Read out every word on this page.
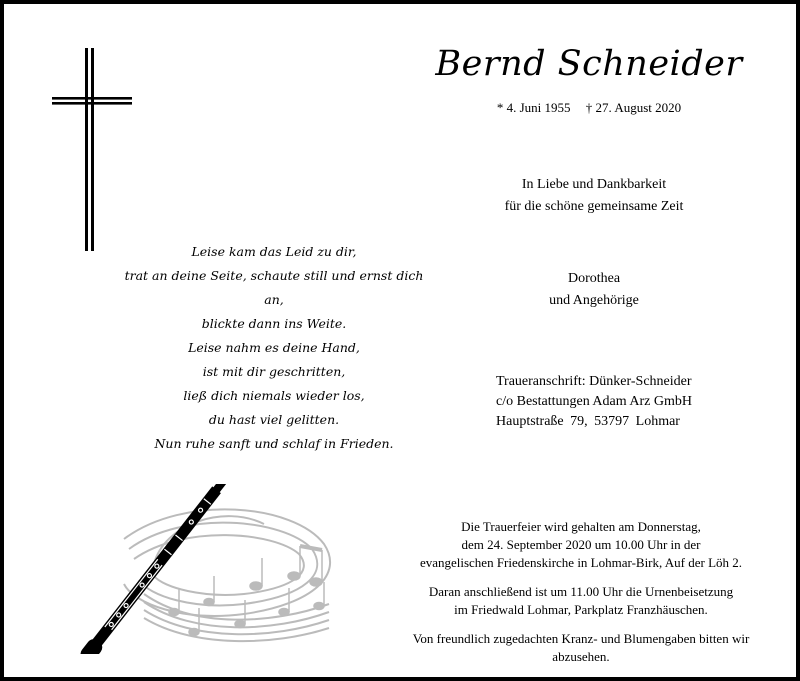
Bernd Schneider
* 4. Juni 1955 † 27. August 2020
In Liebe und Dankbarkeit
für die schöne gemeinsame Zeit
Leise kam das Leid zu dir,
trat an deine Seite, schaute still und ernst dich an,
blickte dann ins Weite.
Leise nahm es deine Hand,
ist mit dir geschritten,
ließ dich niemals wieder los,
du hast viel gelitten.
Nun ruhe sanft und schlaf in Frieden.
Dorothea
und Angehörige
Traueranschrift: Dünker-Schneider
c/o Bestattungen Adam Arz GmbH
Hauptstraße 79, 53797 Lohmar

Die Trauerfeier wird gehalten am Donnerstag,
dem 24. September 2020 um 10.00 Uhr in der
evangelischen Friedenskirche in Lohmar-Birk, Auf der Löh 2.

Daran anschließend ist um 11.00 Uhr die Urnenbeisetzung
im Friedwald Lohmar, Parkplatz Franzhäuschen.

Von freundlich zugedachten Kranz- und Blumengaben bitten wir abzusehen.
